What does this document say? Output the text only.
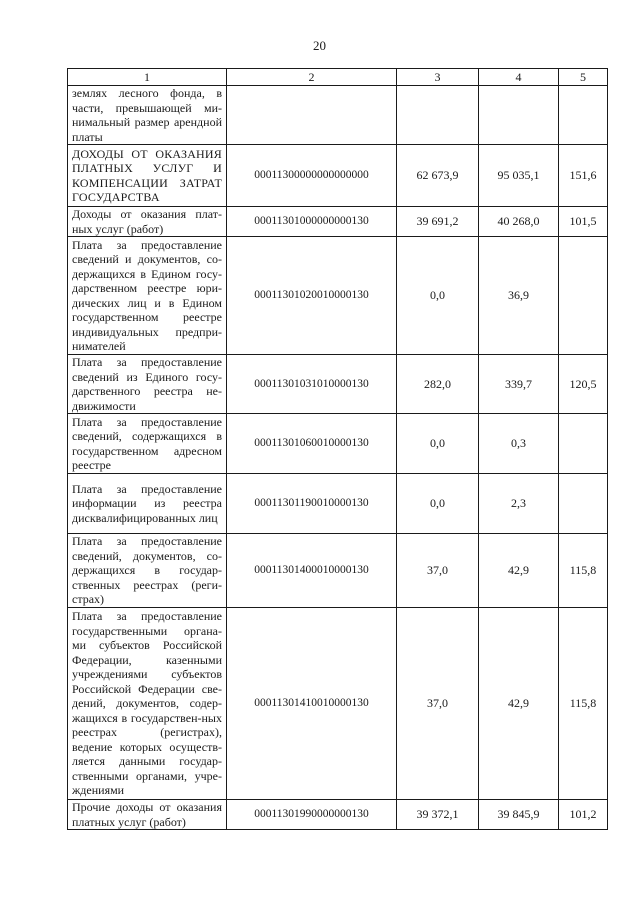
20
1	2	3	4	5
землях лесного фонда, в части, превышающей ми-нимальный размер арендной платы				
ДОХОДЫ ОТ ОКАЗАНИЯ ПЛАТНЫХ УСЛУГ И КОМПЕНСАЦИИ ЗАТРАТ ГОСУДАРСТВА	00011300000000000000	62 673,9	95 035,1	151,6
Доходы от оказания плат-ных услуг (работ)	00011301000000000130	39 691,2	40 268,0	101,5
Плата за предоставление сведений и документов, со-держащихся в Едином госу-дарственном реестре юри-дических лиц и в Едином государственном реестре индивидуальных предпри-нимателей	00011301020010000130	0,0	36,9	
Плата за предоставление сведений из Единого госу-дарственного реестра не-движимости	00011301031010000130	282,0	339,7	120,5
Плата за предоставление сведений, содержащихся в государственном адресном реестре	00011301060010000130	0,0	0,3	
Плата за предоставление информации из реестра дисквалифицированных лиц	00011301190010000130	0,0	2,3	
Плата за предоставление сведений, документов, со-держащихся в государ-ственных реестрах (реги-страх)	00011301400010000130	37,0	42,9	115,8
Плата за предоставление государственными органа-ми субъектов Российской Федерации, казенными учреждениями субъектов Российской Федерации све-дений, документов, содер-жащихся в государствен-ных реестрах (регистрах), ведение которых осуществ-ляется данными государ-ственными органами, учре-ждениями	00011301410010000130	37,0	42,9	115,8
Прочие доходы от оказания платных услуг (работ)	00011301990000000130	39 372,1	39 845,9	101,2
